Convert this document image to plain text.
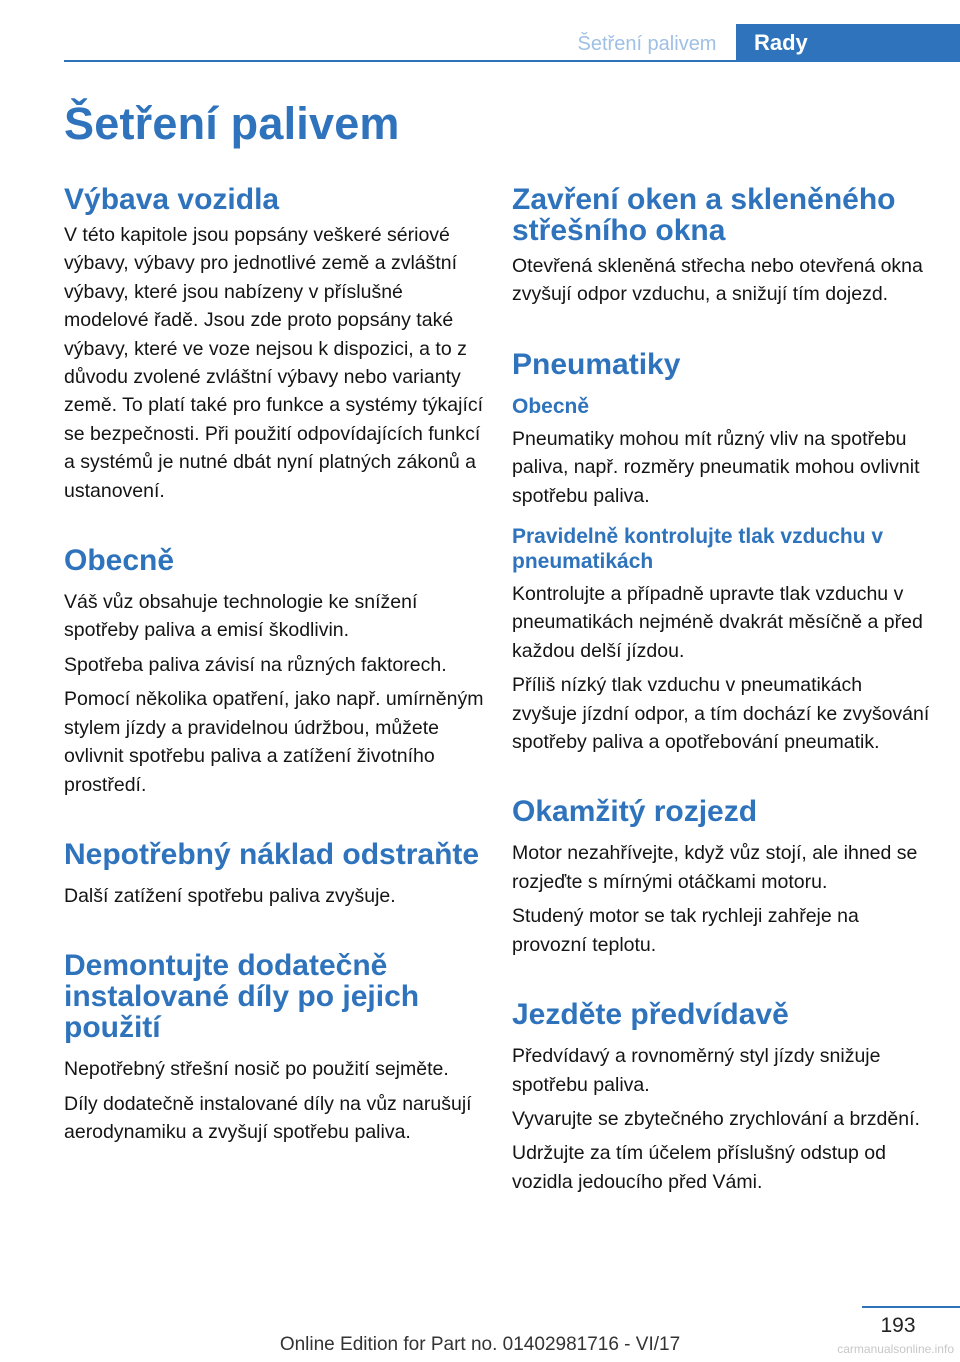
Šetření palivem	Rady
Šetření palivem
Výbava vozidla

V této kapitole jsou popsány veškeré sériové výbavy, výbavy pro jednotlivé země a zvláštní výbavy, které jsou nabízeny v příslušné modelové řadě. Jsou zde proto popsány také výbavy, které ve voze nejsou k dispozici, a to z důvodu zvolené zvláštní výbavy nebo varianty země. To platí také pro funkce a systémy týkající se bezpečnosti. Při použití odpovídajících funkcí a systémů je nutné dbát nyní platných zákonů a ustanovení.

Obecně

Váš vůz obsahuje technologie ke snížení spotřeby paliva a emisí škodlivin.

Spotřeba paliva závisí na různých faktorech.

Pomocí několika opatření, jako např. umírněným stylem jízdy a pravidelnou údržbou, můžete ovlivnit spotřebu paliva a zatížení životního prostředí.

Nepotřebný náklad odstraňte

Další zatížení spotřebu paliva zvyšuje.

Demontujte dodatečně instalované díly po jejich použití

Nepotřebný střešní nosič po použití sejměte.

Díly dodatečně instalované díly na vůz narušují aerodynamiku a zvyšují spotřebu paliva.

Zavření oken a skleněného střešního okna

Otevřená skleněná střecha nebo otevřená okna zvyšují odpor vzduchu, a snižují tím dojezd.

Pneumatiky
Obecně

Pneumatiky mohou mít různý vliv na spotřebu paliva, např. rozměry pneumatik mohou ovlivnit spotřebu paliva.

Pravidelně kontrolujte tlak vzduchu v pneumatikách

Kontrolujte a případně upravte tlak vzduchu v pneumatikách nejméně dvakrát měsíčně a před každou delší jízdou.

Příliš nízký tlak vzduchu v pneumatikách zvyšuje jízdní odpor, a tím dochází ke zvyšování spotřeby paliva a opotřebování pneumatik.

Okamžitý rozjezd

Motor nezahřívejte, když vůz stojí, ale ihned se rozjeďte s mírnými otáčkami motoru.

Studený motor se tak rychleji zahřeje na provozní teplotu.

Jezděte předvídavě

Předvídavý a rovnoměrný styl jízdy snižuje spotřebu paliva.

Vyvarujte se zbytečného zrychlování a brzdění.

Udržujte za tím účelem příslušný odstup od vozidla jedoucího před Vámi.

193
Online Edition for Part no. 01402981716 - VI/17	carmanualsonline.info
